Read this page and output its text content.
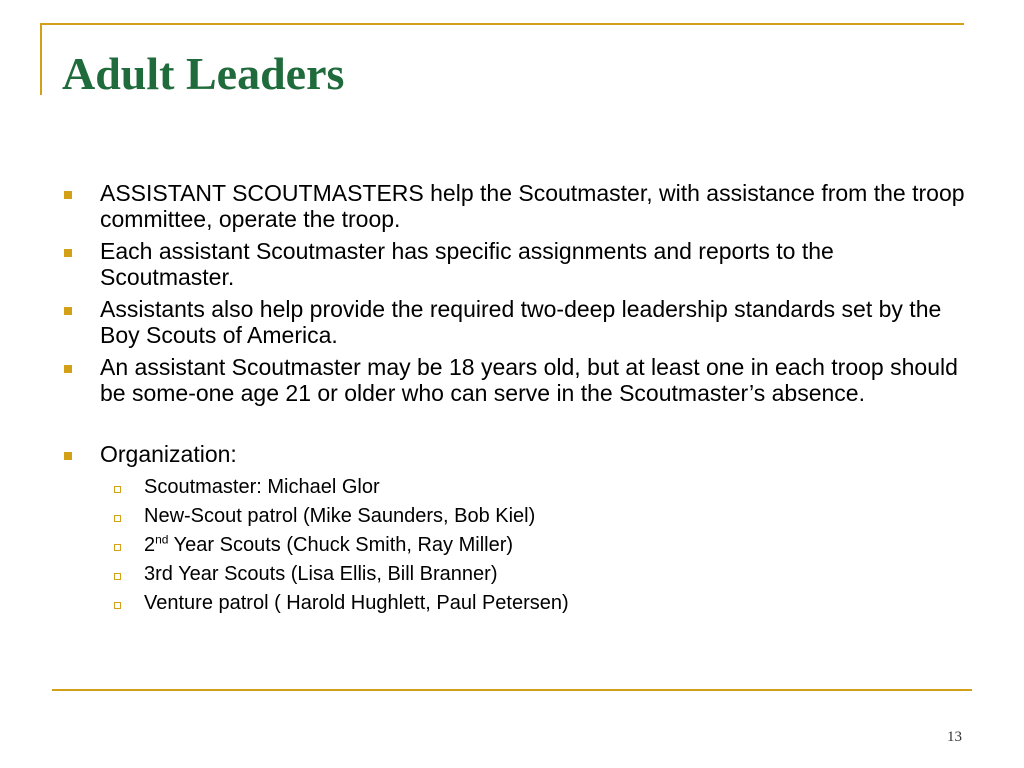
Adult Leaders
ASSISTANT SCOUTMASTERS help the Scoutmaster, with assistance from the troop committee, operate the troop.
Each assistant Scoutmaster has specific assignments and reports to the Scoutmaster.
Assistants also help provide the required two-deep leadership standards set by the Boy Scouts of America.
An assistant Scoutmaster may be 18 years old, but at least one in each troop should be some-one age 21 or older who can serve in the Scoutmaster’s absence.
Organization:
Scoutmaster: Michael Glor
New-Scout patrol (Mike Saunders, Bob Kiel)
2nd Year Scouts (Chuck Smith, Ray Miller)
3rd Year Scouts (Lisa Ellis, Bill Branner)
Venture patrol ( Harold Hughlett, Paul Petersen)
13
